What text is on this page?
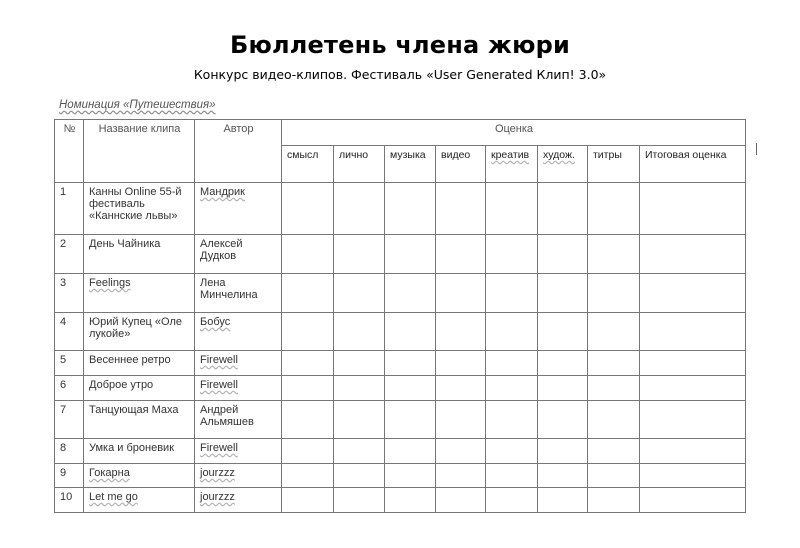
Бюллетень члена жюри
Конкурс видео-клипов. Фестиваль «User Generated Клип! 3.0»
Номинация «Путешествия»
№	Название клипа	Автор	Оценка							
			смысл	лично	музыка	видео	креатив	худож.	титры	Итоговая оценка
1	Канны Online 55-й фестиваль «Каннские львы»	Мандрик								
2	День Чайника	Алексей Дудков								
3	Feelings	Лена Минчелина								
4	Юрий Купец «Оле лукойе»	Бобус								
5	Весеннее ретро	Firewell								
6	Доброе утро	Firewell								
7	Танцующая Маха	Андрей Альмяшев								
8	Умка и броневик	Firewell								
9	Гокарна	jourzzz								
10	Let me go	jourzzz								
